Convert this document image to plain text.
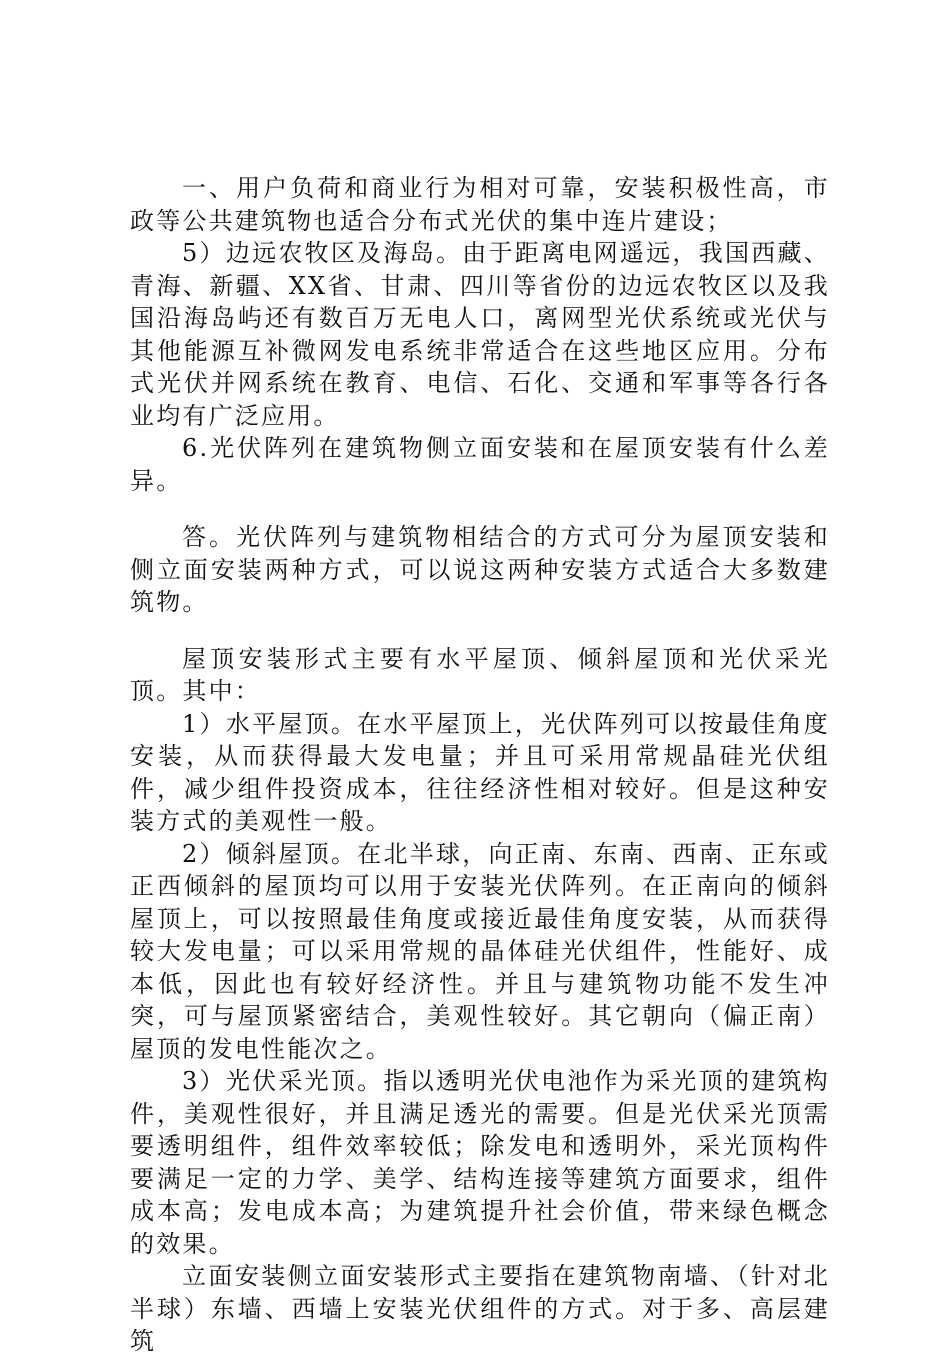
一、用户负荷和商业行为相对可靠，安装积极性高，市政等公共建筑物也适合分布式光伏的集中连片建设；

5）边远农牧区及海岛。由于距离电网遥远，我国西藏、青海、新疆、XX省、甘肃、四川等省份的边远农牧区以及我国沿海岛屿还有数百万无电人口，离网型光伏系统或光伏与其他能源互补微网发电系统非常适合在这些地区应用。分布式光伏并网系统在教育、电信、石化、交通和军事等各行各业均有广泛应用。

6.光伏阵列在建筑物侧立面安装和在屋顶安装有什么差异。

答。光伏阵列与建筑物相结合的方式可分为屋顶安装和侧立面安装两种方式，可以说这两种安装方式适合大多数建筑物。

屋顶安装形式主要有水平屋顶、倾斜屋顶和光伏采光顶。其中：

1）水平屋顶。在水平屋顶上，光伏阵列可以按最佳角度安装，从而获得最大发电量；并且可采用常规晶硅光伏组件，减少组件投资成本，往往经济性相对较好。但是这种安装方式的美观性一般。

2）倾斜屋顶。在北半球，向正南、东南、西南、正东或正西倾斜的屋顶均可以用于安装光伏阵列。在正南向的倾斜屋顶上，可以按照最佳角度或接近最佳角度安装，从而获得较大发电量；可以采用常规的晶体硅光伏组件，性能好、成本低，因此也有较好经济性。并且与建筑物功能不发生冲突，可与屋顶紧密结合，美观性较好。其它朝向（偏正南）屋顶的发电性能次之。

3）光伏采光顶。指以透明光伏电池作为采光顶的建筑构件，美观性很好，并且满足透光的需要。但是光伏采光顶需要透明组件，组件效率较低；除发电和透明外，采光顶构件要满足一定的力学、美学、结构连接等建筑方面要求，组件成本高；发电成本高；为建筑提升社会价值，带来绿色概念的效果。

立面安装侧立面安装形式主要指在建筑物南墙、（针对北半球）东墙、西墙上安装光伏组件的方式。对于多、高层建筑
